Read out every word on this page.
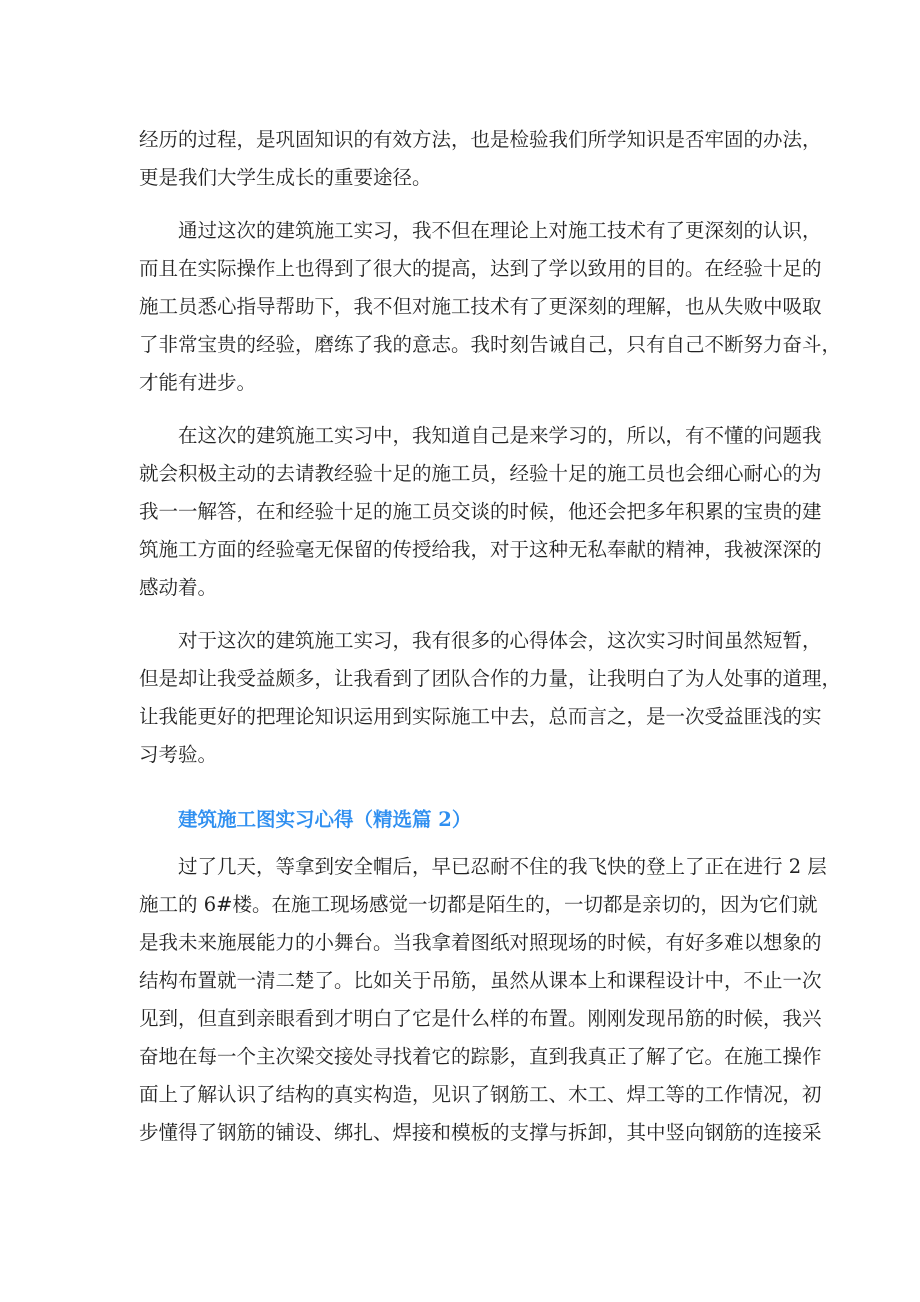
经历的过程，是巩固知识的有效方法，也是检验我们所学知识是否牢固的办法，
更是我们大学生成长的重要途径。
通过这次的建筑施工实习，我不但在理论上对施工技术有了更深刻的认识，
而且在实际操作上也得到了很大的提高，达到了学以致用的目的。在经验十足的
施工员悉心指导帮助下，我不但对施工技术有了更深刻的理解，也从失败中吸取
了非常宝贵的经验，磨练了我的意志。我时刻告诫自己，只有自己不断努力奋斗，
才能有进步。
在这次的建筑施工实习中，我知道自己是来学习的，所以，有不懂的问题我
就会积极主动的去请教经验十足的施工员，经验十足的施工员也会细心耐心的为
我一一解答，在和经验十足的施工员交谈的时候，他还会把多年积累的宝贵的建
筑施工方面的经验毫无保留的传授给我，对于这种无私奉献的精神，我被深深的
感动着。
对于这次的建筑施工实习，我有很多的心得体会，这次实习时间虽然短暂，
但是却让我受益颇多，让我看到了团队合作的力量，让我明白了为人处事的道理，
让我能更好的把理论知识运用到实际施工中去，总而言之，是一次受益匪浅的实
习考验。
建筑施工图实习心得（精选篇 2）
过了几天，等拿到安全帽后，早已忍耐不住的我飞快的登上了正在进行 2 层
施工的 6#楼。在施工现场感觉一切都是陌生的，一切都是亲切的，因为它们就
是我未来施展能力的小舞台。当我拿着图纸对照现场的时候，有好多难以想象的
结构布置就一清二楚了。比如关于吊筋，虽然从课本上和课程设计中，不止一次
见到，但直到亲眼看到才明白了它是什么样的布置。刚刚发现吊筋的时候，我兴
奋地在每一个主次梁交接处寻找着它的踪影，直到我真正了解了它。在施工操作
面上了解认识了结构的真实构造，见识了钢筋工、木工、焊工等的工作情况，初
步懂得了钢筋的铺设、绑扎、焊接和模板的支撑与拆卸，其中竖向钢筋的连接采
